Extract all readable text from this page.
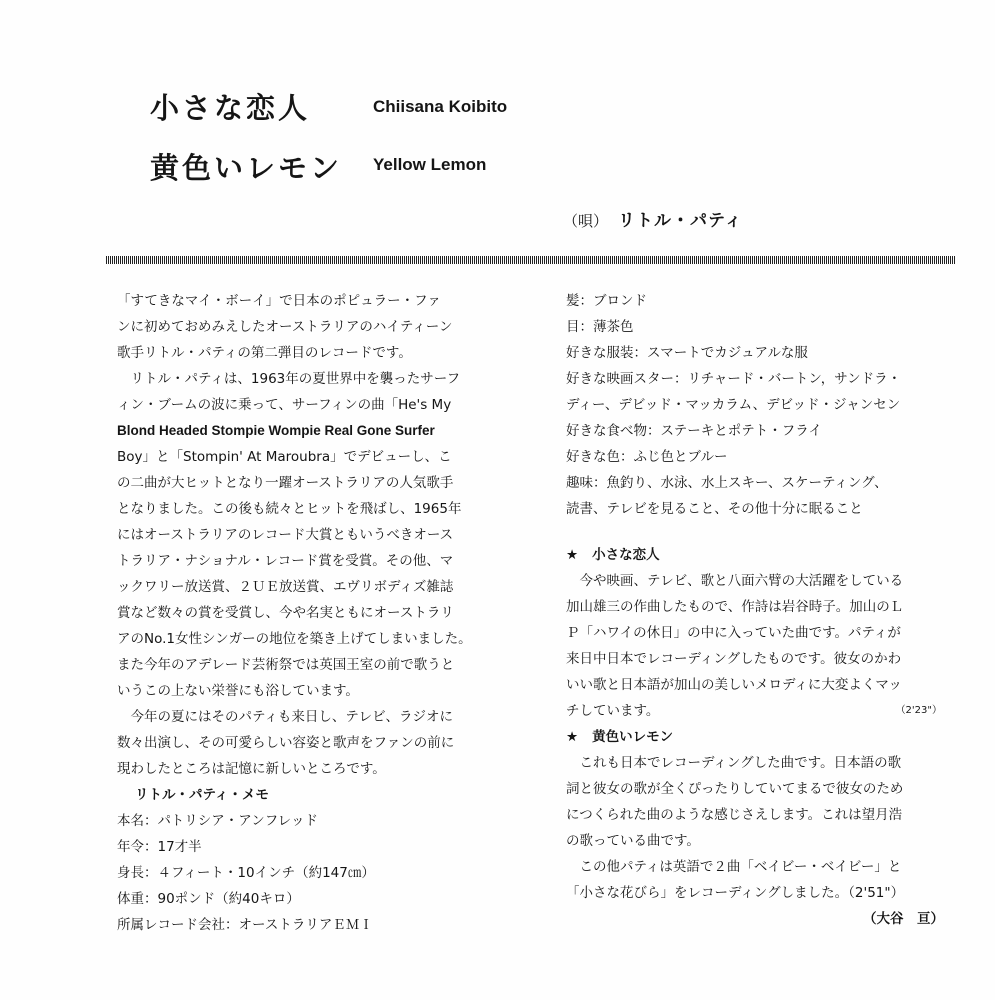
小さな恋人	Chiisana Koibito
黄色いレモン Yellow Lemon
（唄） リトル・パティ
「すてきなマイ・ボーイ」で日本のポピュラー・ファ
ンに初めておめみえしたオーストラリアのハイティーン
歌手リトル・パティの第二弾目のレコードです。
　リトル・パティは、1963年の夏世界中を襲ったサーフ
ィン・ブームの波に乗って、サーフィンの曲「He's My
Blond Headed Stompie Wompie Real Gone Surfer
Boy」と「Stompin' At Maroubra」でデビューし、こ
の二曲が大ヒットとなり一躍オーストラリアの人気歌手
となりました。この後も続々とヒットを飛ばし、1965年
にはオーストラリアのレコード大賞ともいうべきオース
トラリア・ナショナル・レコード賞を受賞。その他、マ
ックワリー放送賞、２ＵＥ放送賞、エヴリボディズ雑誌
賞など数々の賞を受賞し、今や名実ともにオーストラリ
アのNo.1女性シンガーの地位を築き上げてしまいました。
また今年のアデレード芸術祭では英国王室の前で歌うと
いうこの上ない栄誉にも浴しています。
　今年の夏にはそのパティも来日し、テレビ、ラジオに
数々出演し、その可愛らしい容姿と歌声をファンの前に
現わしたところは記憶に新しいところです。
リトル・パティ・メモ
本名：パトリシア・アンフレッド
年令：17才半
身長：４フィート・10インチ（約147㎝）
体重：90ポンド（約40キロ）
所属レコード会社：オーストラリアＥＭＩ
髪：ブロンド
目：薄茶色
好きな服装：スマートでカジュアルな服
好きな映画スター：リチャード・バートン，サンドラ・
ディー、デビッド・マッカラム、デビッド・ジャンセン
好きな食べ物：ステーキとポテト・フライ
好きな色：ふじ色とブルー
趣味：魚釣り、水泳、水上スキー、スケーティング、
読書、テレビを見ること、その他十分に眠ること
★ 小さな恋人
　今や映画、テレビ、歌と八面六臂の大活躍をしている
加山雄三の作曲したもので、作詩は岩谷時子。加山のＬ
Ｐ「ハワイの休日」の中に入っていた曲です。パティが
来日中日本でレコーディングしたものです。彼女のかわ
いい歌と日本語が加山の美しいメロディに大変よくマッ
チしています。	（2'23"）
★ 黄色いレモン
　これも日本でレコーディングした曲です。日本語の歌
詞と彼女の歌が全くぴったりしていてまるで彼女のため
につくられた曲のような感じさえします。これは望月浩
の歌っている曲です。
　この他パティは英語で２曲「ベイビー・ベイビー」と
「小さな花びら」をレコーディングしました。（2'51"）
（大谷　亘）
